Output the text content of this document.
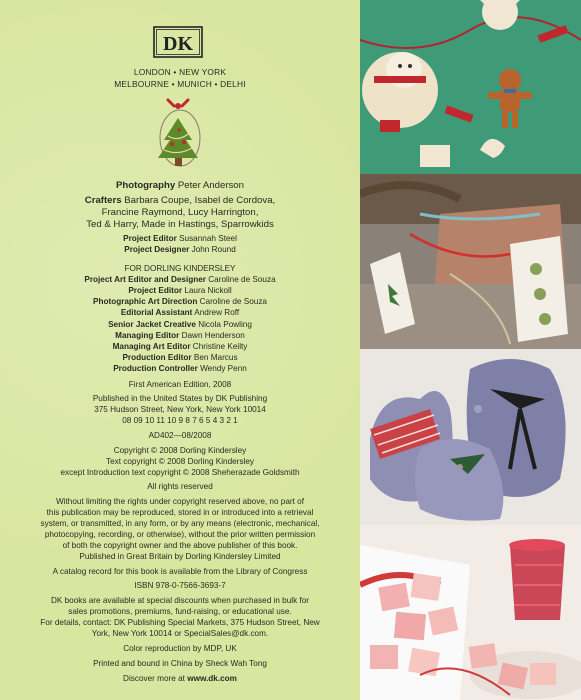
DK
LONDON • NEW YORK
MELBOURNE • MUNICH • DELHI
Photography Peter Anderson
Crafters Barbara Coupe, Isabel de Cordova,
Francine Raymond, Lucy Harrington,
Ted & Harry, Made in Hastings, Sparrowkids
Project Editor Susannah Steel
Project Designer John Round
FOR DORLING KINDERSLEY
Project Art Editor and Designer Caroline de Souza
Project Editor Laura Nickoll
Photographic Art Direction Caroline de Souza
Editorial Assistant Andrew Roff
Senior Jacket Creative Nicola Powling
Managing Editor Dawn Henderson
Managing Art Editor Christine Keilty
Production Editor Ben Marcus
Production Controller Wendy Penn
First American Edition, 2008
Published in the United States by DK Publishing
375 Hudson Street, New York, New York 10014
08 09 10 11 10 9 8 7 6 5 4 3 2 1
AD402—08/2008
Copyright © 2008 Dorling Kindersley
Text copyright © 2008 Dorling Kindersley
except Introduction text copyright © 2008 Sheherazade Goldsmith
All rights reserved
Without limiting the rights under copyright reserved above, no part of
this publication may be reproduced, stored in or introduced into a retrieval
system, or transmitted, in any form, or by any means (electronic, mechanical,
photocopying, recording, or otherwise), without the prior written permission
of both the copyright owner and the above publisher of this book.
Published in Great Britain by Dorling Kindersley Limited
A catalog record for this book is available from the Library of Congress
ISBN 978-0-7566-3693-7
DK books are available at special discounts when purchased in bulk for
sales promotions, premiums, fund-raising, or educational use.
For details, contact: DK Publishing Special Markets, 375 Hudson Street, New
York, New York 10014 or SpecialSales@dk.com.
Color reproduction by MDP, UK
Printed and bound in China by Sheck Wah Tong
Discover more at www.dk.com
